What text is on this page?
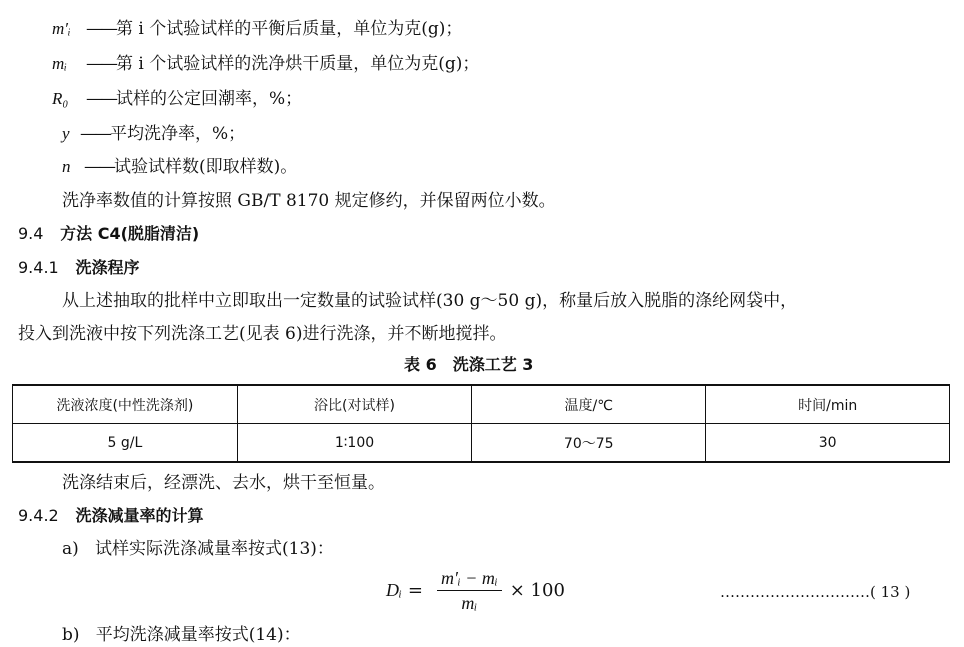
m′ᵢ ——第 i 个试验试样的平衡后质量，单位为克(g)；
mᵢ ——第 i 个试验试样的洗净烘干质量，单位为克(g)；
R₀ ——试样的公定回潮率，%；
y ——平均洗净率，%；
n ——试验试样数(即取样数)。
洗净率数值的计算按照 GB/T 8170 规定修约，并保留两位小数。
9.4 方法 C4(脱脂清洁)
9.4.1 洗涤程序
从上述抽取的批样中立即取出一定数量的试验试样(30 g～50 g)，称量后放入脱脂的涤纶网袋中，
投入到洗液中按下列洗涤工艺(见表 6)进行洗涤，并不断地搅拌。
表 6　洗涤工艺 3
洗液浓度(中性洗涤剂)	浴比(对试样)	温度/℃	时间/min
5 g/L	1∶100	70～75	30
洗涤结束后，经漂洗、去水，烘干至恒量。
9.4.2 洗涤减量率的计算
a) 试样实际洗涤减量率按式(13)：
Dᵢ = $\frac{\text{m′ᵢ − mᵢ}}{\text{mᵢ}} \times 100$	…………………………( 13 )
b) 平均洗涤减量率按式(14)：
